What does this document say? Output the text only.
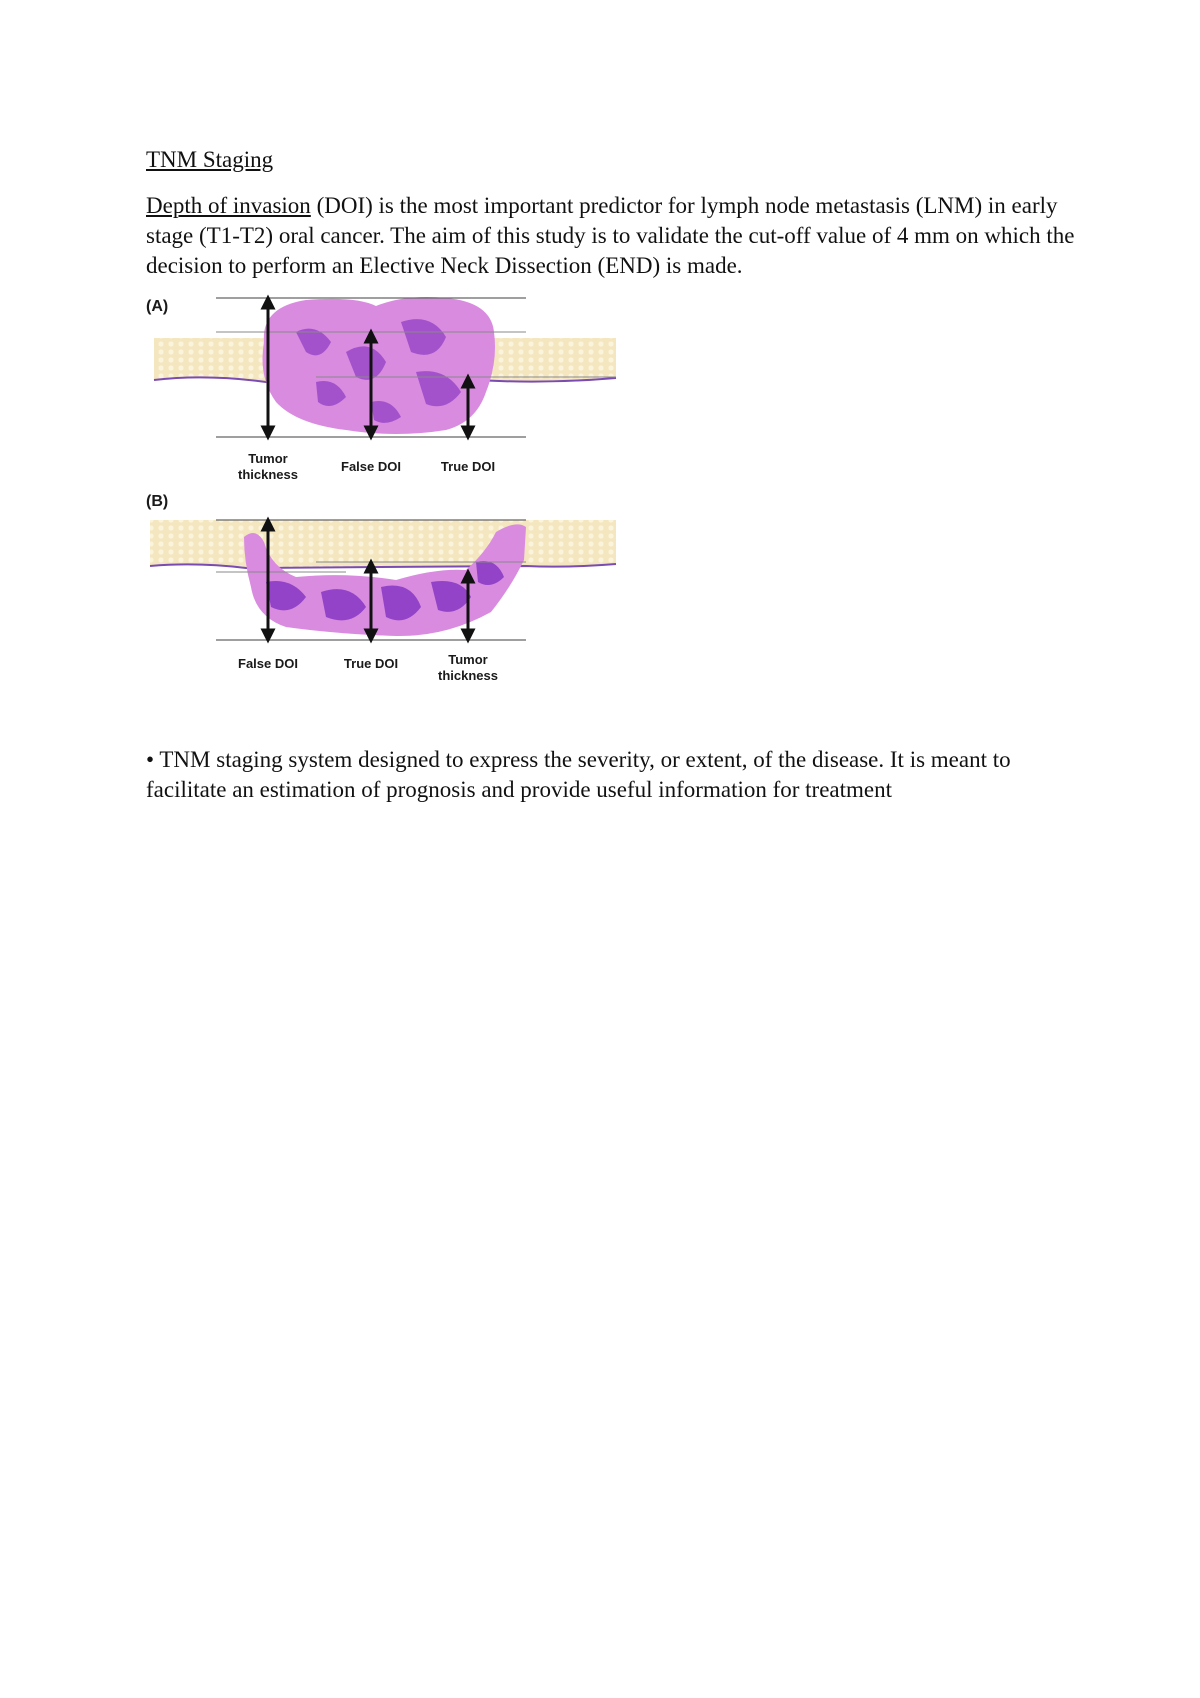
TNM Staging
Depth of invasion (DOI) is the most important predictor for lymph node metastasis (LNM) in early stage (T1-T2) oral cancer. The aim of this study is to validate the cut-off value of 4 mm on which the decision to perform an Elective Neck Dissection (END) is made.
(A)
Tumor
thickness
False DOI	True DOI
(B)
False DOI	True DOI	Tumor
thickness
• TNM staging system designed to express the severity, or extent, of the disease. It is meant to facilitate an estimation of prognosis and provide useful information for treatment
